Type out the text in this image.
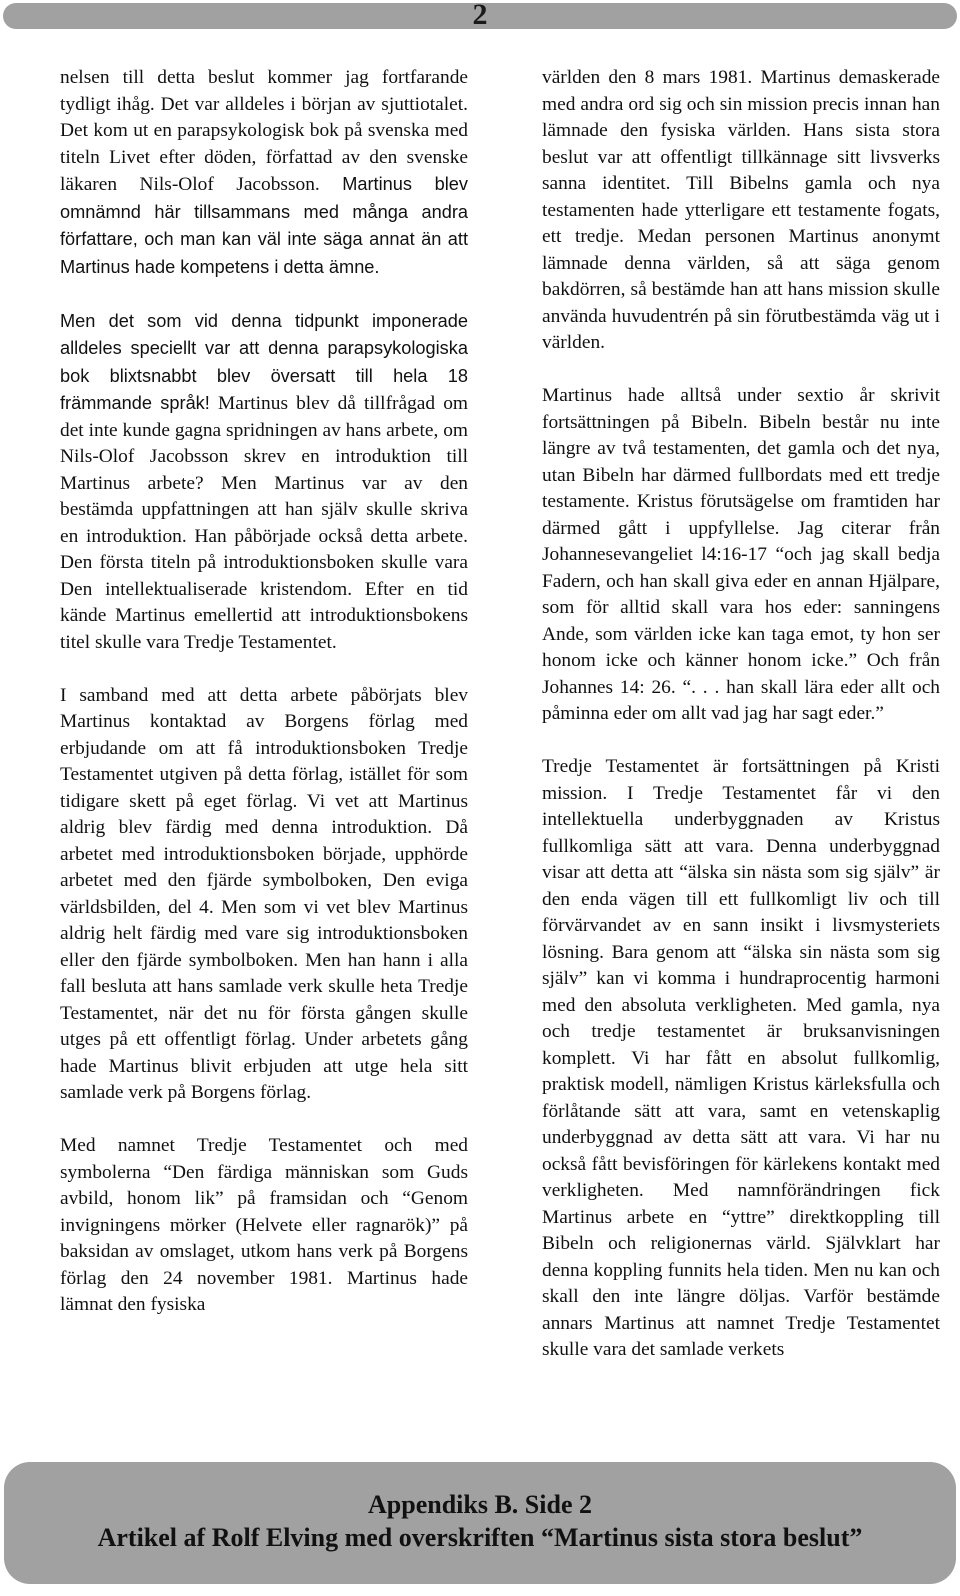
2

nelsen till detta beslut kommer jag fortfarande tydligt ihåg. Det var alldeles i början av sjuttiotalet. Det kom ut en parapsykologisk bok på svenska med titeln Livet efter döden, författad av den svenske läkaren Nils-Olof Jacobsson. Martinus blev omnämnd här tillsammans med många andra författare, och man kan väl inte säga annat än att Martinus hade kompetens i detta ämne.

Men det som vid denna tidpunkt imponerade alldeles speciellt var att denna parapsykologiska bok blixtsnabbt blev översatt till hela 18 främmande språk! Martinus blev då tillfrågad om det inte kunde gagna spridningen av hans arbete, om Nils-Olof Jacobsson skrev en introduktion till Martinus arbete? Men Martinus var av den bestämda uppfattningen att han själv skulle skriva en introduktion. Han påbörjade också detta arbete. Den första titeln på introduktionsboken skulle vara Den intellektualiserade kristendom. Efter en tid kände Martinus emellertid att introduktionsbokens titel skulle vara Tredje Testamentet.

I samband med att detta arbete påbörjats blev Martinus kontaktad av Borgens förlag med erbjudande om att få introduktionsboken Tredje Testamentet utgiven på detta förlag, istället för som tidigare skett på eget förlag. Vi vet att Martinus aldrig blev färdig med denna introduktion. Då arbetet med introduktionsboken började, upphörde arbetet med den fjärde symbolboken, Den eviga världsbilden, del 4. Men som vi vet blev Martinus aldrig helt färdig med vare sig introduktionsboken eller den fjärde symbolboken. Men han hann i alla fall besluta att hans samlade verk skulle heta Tredje Testamentet, när det nu för första gången skulle utges på ett offentligt förlag. Under arbetets gång hade Martinus blivit erbjuden att utge hela sitt samlade verk på Borgens förlag.

Med namnet Tredje Testamentet och med symbolerna “Den färdiga människan som Guds avbild, honom lik” på framsidan och “Genom invigningens mörker (Helvete eller ragnarök)” på baksidan av omslaget, utkom hans verk på Borgens förlag den 24 november 1981. Martinus hade lämnat den fysiska

världen den 8 mars 1981. Martinus demaskerade med andra ord sig och sin mission precis innan han lämnade den fysiska världen. Hans sista stora beslut var att offentligt tillkännage sitt livsverks sanna identitet. Till Bibelns gamla och nya testamenten hade ytterligare ett testamente fogats, ett tredje. Medan personen Martinus anonymt lämnade denna världen, så att säga genom bakdörren, så bestämde han att hans mission skulle använda huvudentrén på sin förutbestämda väg ut i världen.

Martinus hade alltså under sextio år skrivit fortsättningen på Bibeln. Bibeln består nu inte längre av två testamenten, det gamla och det nya, utan Bibeln har därmed fullbordats med ett tredje testamente. Kristus förutsägelse om framtiden har därmed gått i uppfyllelse. Jag citerar från Johannesevangeliet l4:16-17 “och jag skall bedja Fadern, och han skall giva eder en annan Hjälpare, som för alltid skall vara hos eder: sanningens Ande, som världen icke kan taga emot, ty hon ser honom icke och känner honom icke.” Och från Johannes 14: 26. “. . . han skall lära eder allt och påminna eder om allt vad jag har sagt eder.”

Tredje Testamentet är fortsättningen på Kristi mission. I Tredje Testamentet får vi den intellektuella underbyggnaden av Kristus fullkomliga sätt att vara. Denna underbyggnad visar att detta att “älska sin nästa som sig själv” är den enda vägen till ett fullkomligt liv och till förvärvandet av en sann insikt i livsmysteriets lösning. Bara genom att “älska sin nästa som sig själv” kan vi komma i hundraprocentig harmoni med den absoluta verkligheten. Med gamla, nya och tredje testamentet är bruksanvisningen komplett. Vi har fått en absolut fullkomlig, praktisk modell, nämligen Kristus kärleksfulla och förlåtande sätt att vara, samt en vetenskaplig underbyggnad av detta sätt att vara. Vi har nu också fått bevisföringen för kärlekens kontakt med verkligheten. Med namnförändringen fick Martinus arbete en “yttre” direktkoppling till Bibeln och religionernas värld. Självklart har denna koppling funnits hela tiden. Men nu kan och skall den inte längre döljas. Varför bestämde annars Martinus att namnet Tredje Testamentet skulle vara det samlade verkets

Appendiks B. Side 2
Artikel af Rolf Elving med overskriften “Martinus sista stora beslut”
